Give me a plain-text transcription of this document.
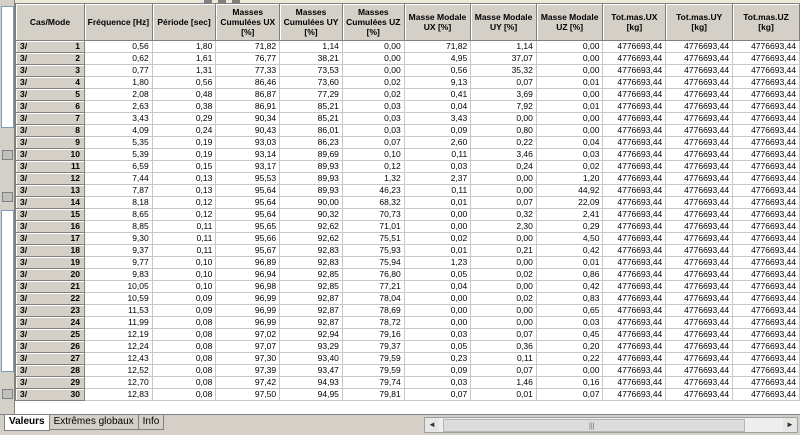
Cas/Mode	Fréquence [Hz]	Période [sec]	Masses Cumulées UX [%]	Masses Cumulées UY [%]	Masses Cumulées UZ [%]	Masse Modale UX [%]	Masse Modale UY [%]	Masse Modale UZ [%]	Tot.mas.UX [kg]	Tot.mas.UY [kg]	Tot.mas.UZ [kg]
3/ 1	0,56	1,80	71,82	1,14	0,00	71,82	1,14	0,00	4776693,44	4776693,44	4776693,44
3/ 2	0,62	1,61	76,77	38,21	0,00	4,95	37,07	0,00	4776693,44	4776693,44	4776693,44
3/ 3	0,77	1,31	77,33	73,53	0,00	0,56	35,32	0,00	4776693,44	4776693,44	4776693,44
3/ 4	1,80	0,56	86,46	73,60	0,02	9,13	0,07	0,01	4776693,44	4776693,44	4776693,44
3/ 5	2,08	0,48	86,87	77,29	0,02	0,41	3,69	0,00	4776693,44	4776693,44	4776693,44
3/ 6	2,63	0,38	86,91	85,21	0,03	0,04	7,92	0,01	4776693,44	4776693,44	4776693,44
3/ 7	3,43	0,29	90,34	85,21	0,03	3,43	0,00	0,00	4776693,44	4776693,44	4776693,44
3/ 8	4,09	0,24	90,43	86,01	0,03	0,09	0,80	0,00	4776693,44	4776693,44	4776693,44
3/ 9	5,35	0,19	93,03	86,23	0,07	2,60	0,22	0,04	4776693,44	4776693,44	4776693,44
3/ 10	5,39	0,19	93,14	89,69	0,10	0,11	3,46	0,03	4776693,44	4776693,44	4776693,44
3/ 11	6,59	0,15	93,17	89,93	0,12	0,03	0,24	0,02	4776693,44	4776693,44	4776693,44
3/ 12	7,44	0,13	95,53	89,93	1,32	2,37	0,00	1,20	4776693,44	4776693,44	4776693,44
3/ 13	7,87	0,13	95,64	89,93	46,23	0,11	0,00	44,92	4776693,44	4776693,44	4776693,44
3/ 14	8,18	0,12	95,64	90,00	68,32	0,01	0,07	22,09	4776693,44	4776693,44	4776693,44
3/ 15	8,65	0,12	95,64	90,32	70,73	0,00	0,32	2,41	4776693,44	4776693,44	4776693,44
3/ 16	8,85	0,11	95,65	92,62	71,01	0,00	2,30	0,29	4776693,44	4776693,44	4776693,44
3/ 17	9,30	0,11	95,66	92,62	75,51	0,02	0,00	4,50	4776693,44	4776693,44	4776693,44
3/ 18	9,37	0,11	95,67	92,83	75,93	0,01	0,21	0,42	4776693,44	4776693,44	4776693,44
3/ 19	9,77	0,10	96,89	92,83	75,94	1,23	0,00	0,01	4776693,44	4776693,44	4776693,44
3/ 20	9,83	0,10	96,94	92,85	76,80	0,05	0,02	0,86	4776693,44	4776693,44	4776693,44
3/ 21	10,05	0,10	96,98	92,85	77,21	0,04	0,00	0,42	4776693,44	4776693,44	4776693,44
3/ 22	10,59	0,09	96,99	92,87	78,04	0,00	0,02	0,83	4776693,44	4776693,44	4776693,44
3/ 23	11,53	0,09	96,99	92,87	78,69	0,00	0,00	0,65	4776693,44	4776693,44	4776693,44
3/ 24	11,99	0,08	96,99	92,87	78,72	0,00	0,00	0,03	4776693,44	4776693,44	4776693,44
3/ 25	12,19	0,08	97,02	92,94	79,16	0,03	0,07	0,45	4776693,44	4776693,44	4776693,44
3/ 26	12,24	0,08	97,07	93,29	79,37	0,05	0,36	0,20	4776693,44	4776693,44	4776693,44
3/ 27	12,43	0,08	97,30	93,40	79,59	0,23	0,11	0,22	4776693,44	4776693,44	4776693,44
3/ 28	12,52	0,08	97,39	93,47	79,59	0,09	0,07	0,00	4776693,44	4776693,44	4776693,44
3/ 29	12,70	0,08	97,42	94,93	79,74	0,03	1,46	0,16	4776693,44	4776693,44	4776693,44
3/ 30	12,83	0,08	97,50	94,95	79,81	0,07	0,01	0,07	4776693,44	4776693,44	4776693,44
Valeurs Extrêmes globaux Info	◄	|||	►
